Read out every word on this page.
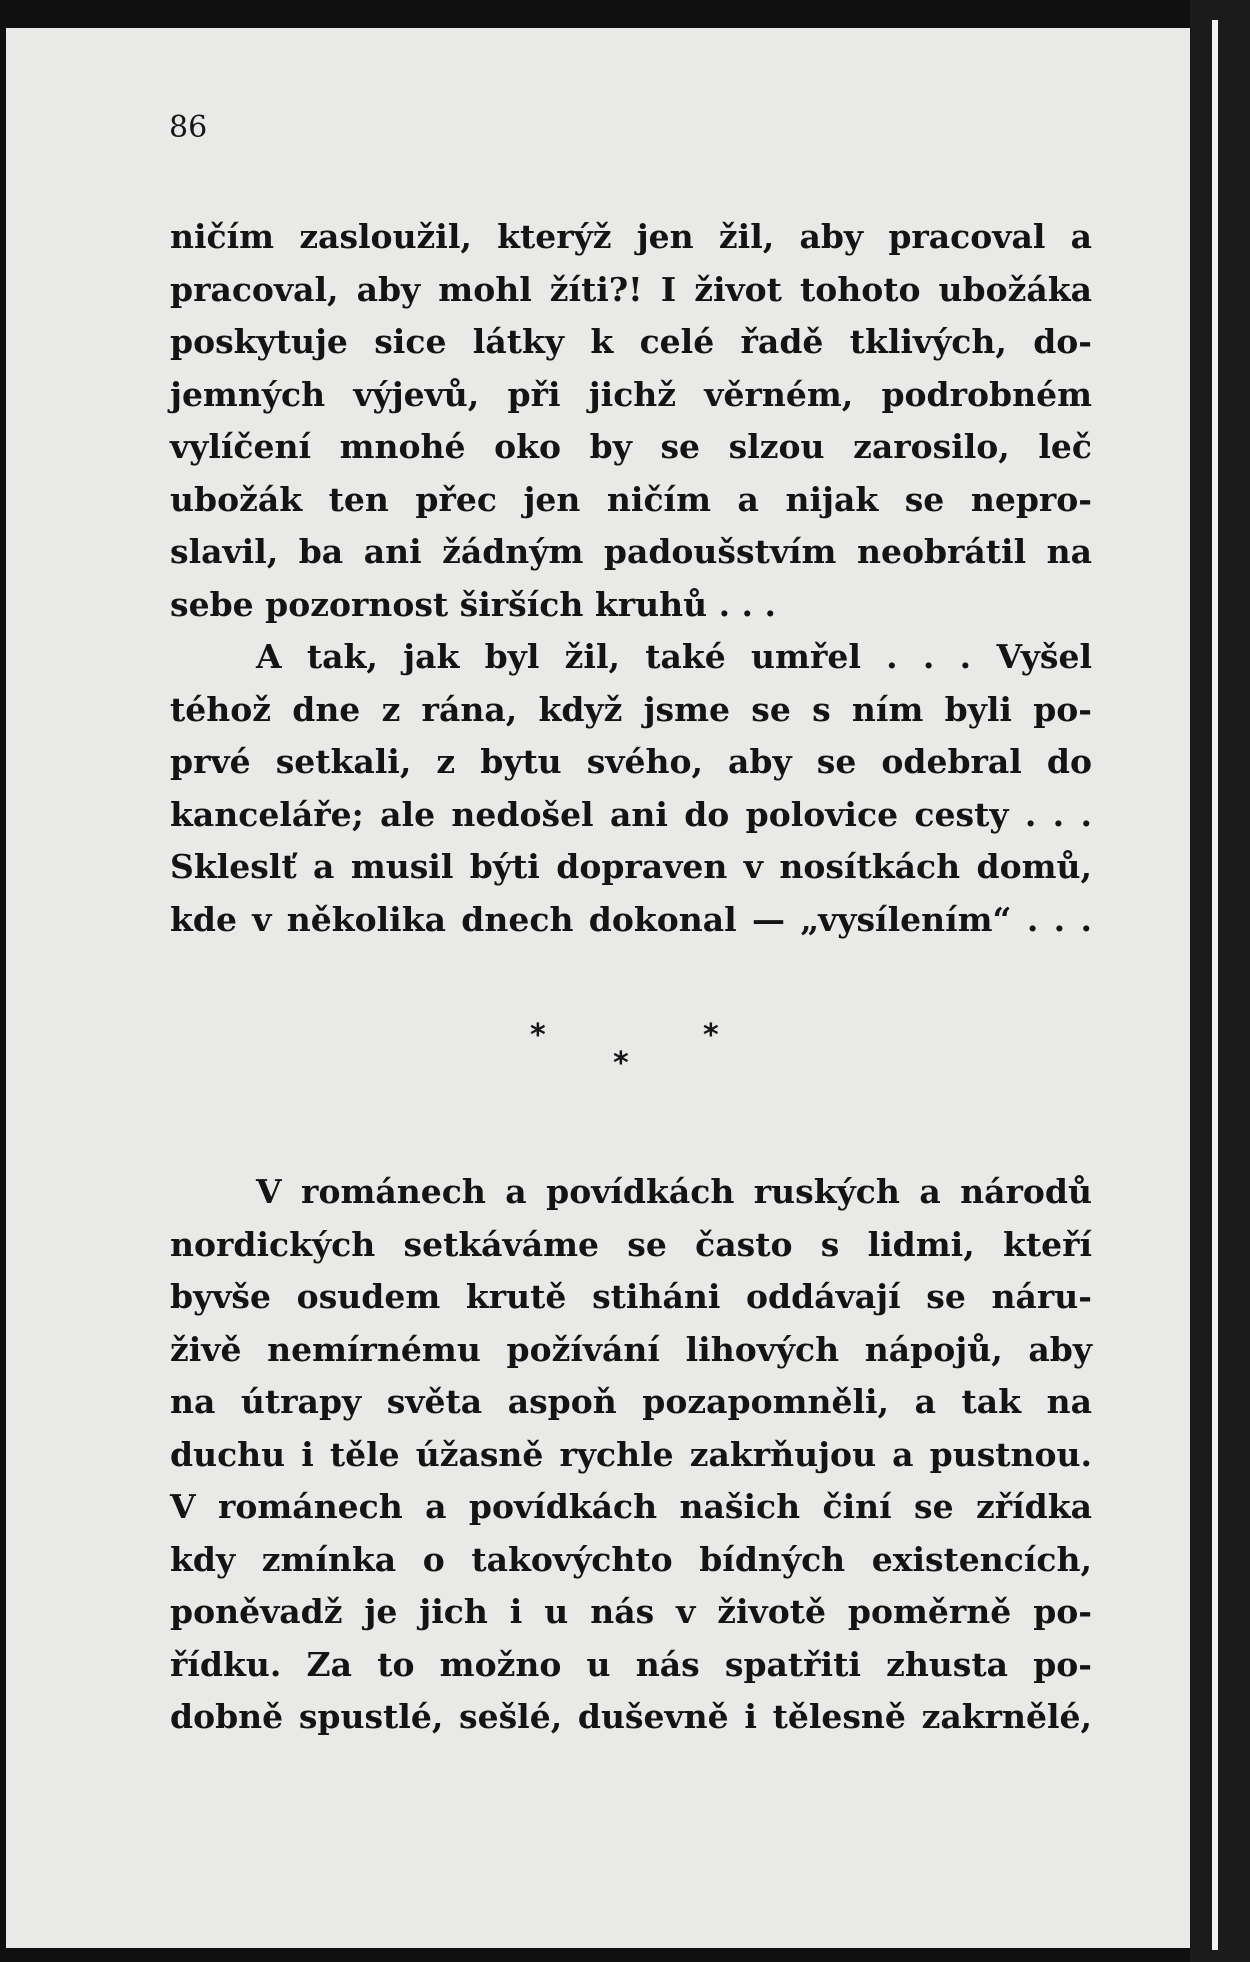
86

ničím zasloužil, kterýž jen žil, aby pracoval a
pracoval, aby mohl žíti?! I život tohoto ubožáka
poskytuje sice látky k celé řadě tklivých, do-
jemných výjevů, při jichž věrném, podrobném
vylíčení mnohé oko by se slzou zarosilo, leč
ubožák ten přec jen ničím a nijak se nepro-
slavil, ba ani žádným padoušstvím neobrátil na
sebe pozornost širších kruhů . . .
A tak, jak byl žil, také umřel . . . Vyšel
téhož dne z rána, když jsme se s ním byli po-
prvé setkali, z bytu svého, aby se odebral do
kanceláře; ale nedošel ani do polovice cesty . . .
Skleslť a musil býti dopraven v nosítkách domů,
kde v několika dnech dokonal — „vysílením“ . . .
*
*
*
V románech a povídkách ruských a národů
nordických setkáváme se často s lidmi, kteří
byvše osudem krutě stiháni oddávají se náru-
živě nemírnému požívání lihových nápojů, aby
na útrapy světa aspoň pozapomněli, a tak na
duchu i těle úžasně rychle zakrňujou a pustnou.
V románech a povídkách našich činí se zřídka
kdy zmínka o takovýchto bídných existencích,
poněvadž je jich i u nás v životě poměrně po-
řídku. Za to možno u nás spatřiti zhusta po-
dobně spustlé, sešlé, duševně i tělesně zakrnělé,
